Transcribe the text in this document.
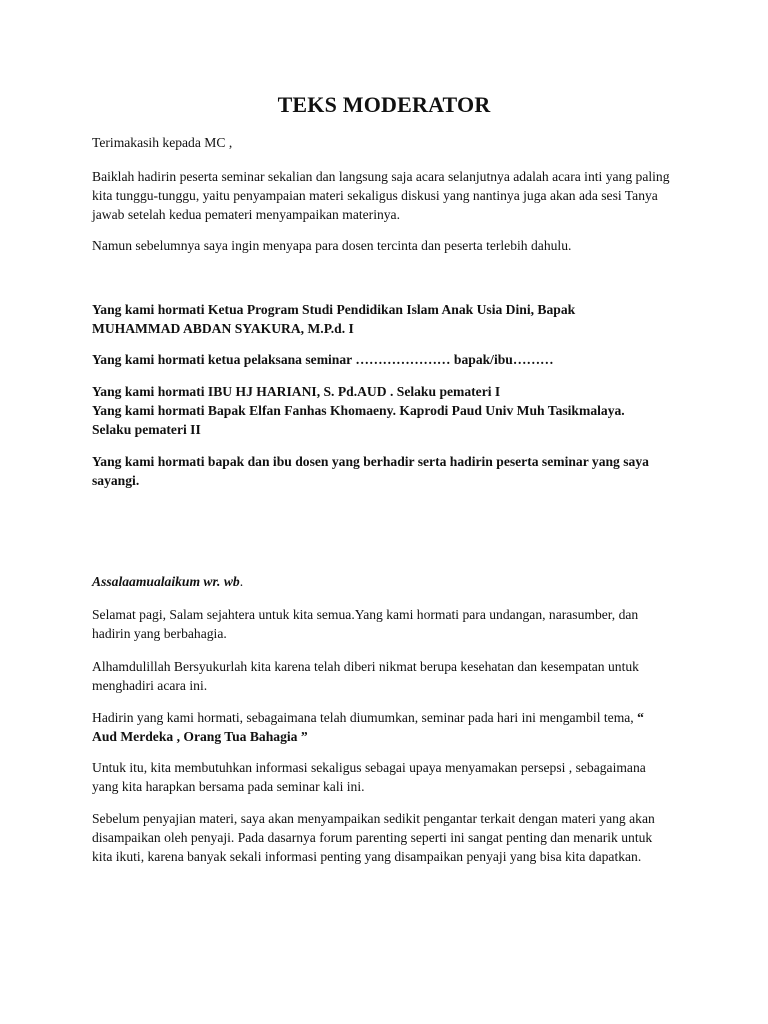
TEKS MODERATOR
Terimakasih kepada MC ,
Baiklah hadirin peserta seminar sekalian dan langsung saja acara selanjutnya adalah acara inti yang paling
kita tunggu-tunggu, yaitu penyampaian materi sekaligus diskusi yang nantinya juga akan ada sesi Tanya
jawab setelah kedua pemateri menyampaikan materinya.
Namun sebelumnya saya ingin menyapa para dosen tercinta dan peserta terlebih dahulu.
Yang kami hormati Ketua Program Studi Pendidikan Islam Anak Usia Dini, Bapak
MUHAMMAD ABDAN SYAKURA, M.P.d. I
Yang kami hormati ketua pelaksana seminar ………………… bapak/ibu………
Yang kami hormati IBU HJ HARIANI, S. Pd.AUD . Selaku pemateri I
Yang kami hormati Bapak Elfan Fanhas Khomaeny. Kaprodi Paud Univ Muh Tasikmalaya.
Selaku pemateri II
Yang kami hormati bapak dan ibu dosen yang berhadir serta hadirin peserta seminar yang saya
sayangi.
Assalaamualaikum wr. wb.
Selamat pagi, Salam sejahtera untuk kita semua.Yang kami hormati para undangan, narasumber, dan
hadirin yang berbahagia.
Alhamdulillah Bersyukurlah kita karena telah diberi nikmat berupa kesehatan dan kesempatan untuk
menghadiri acara ini.
Hadirin yang kami hormati, sebagaimana telah diumumkan, seminar pada hari ini mengambil tema, “
Aud Merdeka , Orang Tua Bahagia ”
Untuk itu, kita membutuhkan informasi sekaligus sebagai upaya menyamakan persepsi , sebagaimana
yang kita harapkan bersama pada seminar kali ini.
Sebelum penyajian materi, saya akan menyampaikan sedikit pengantar terkait dengan materi yang akan
disampaikan oleh penyaji. Pada dasarnya forum parenting seperti ini sangat penting dan menarik untuk
kita ikuti, karena banyak sekali informasi penting yang disampaikan penyaji yang bisa kita dapatkan.
